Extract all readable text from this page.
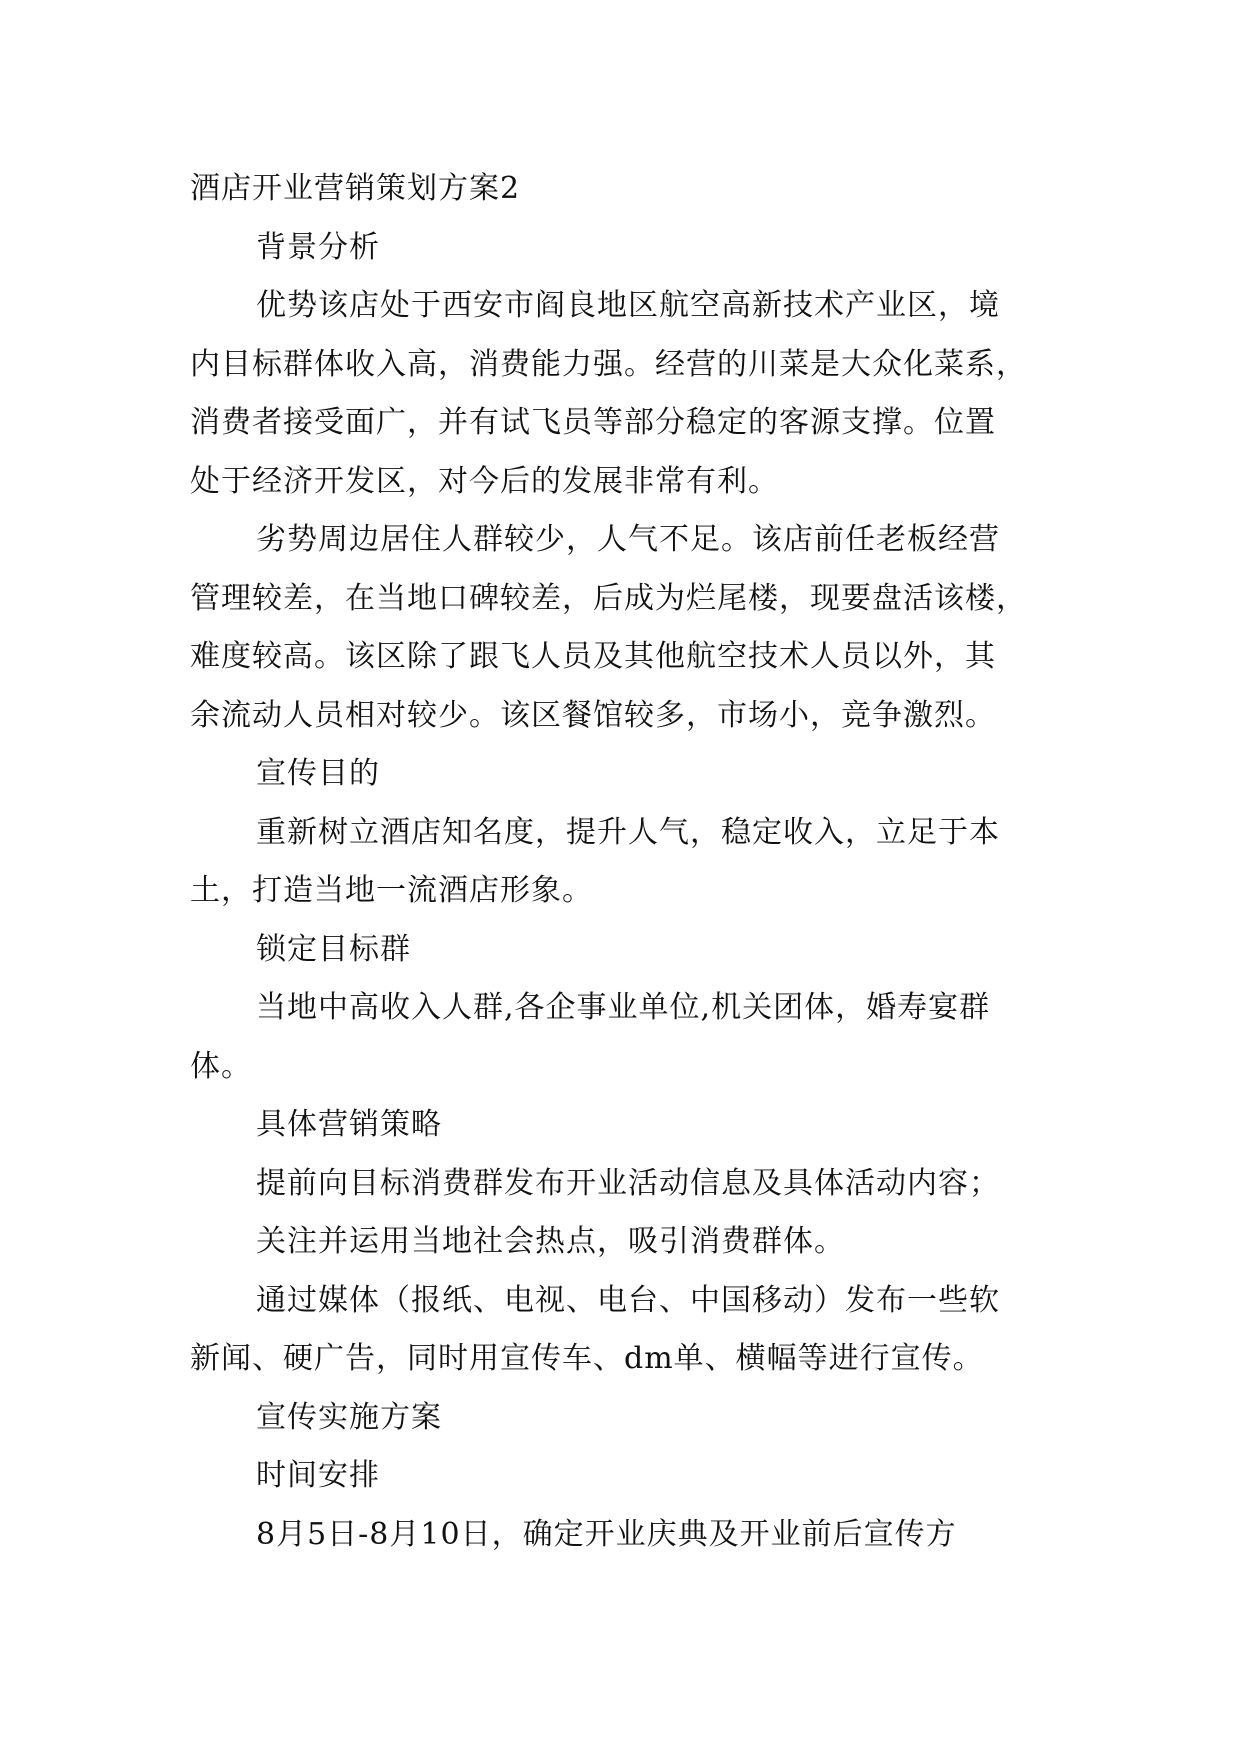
酒店开业营销策划方案2
背景分析
优势该店处于西安市阎良地区航空高新技术产业区，境
内目标群体收入高，消费能力强。经营的川菜是大众化菜系，
消费者接受面广，并有试飞员等部分稳定的客源支撑。位置
处于经济开发区，对今后的发展非常有利。
劣势周边居住人群较少，人气不足。该店前任老板经营
管理较差，在当地口碑较差，后成为烂尾楼，现要盘活该楼，
难度较高。该区除了跟飞人员及其他航空技术人员以外，其
余流动人员相对较少。该区餐馆较多，市场小，竞争激烈。
宣传目的
重新树立酒店知名度，提升人气，稳定收入，立足于本
土，打造当地一流酒店形象。
锁定目标群
当地中高收入人群,各企事业单位,机关团体，婚寿宴群
体。
具体营销策略
提前向目标消费群发布开业活动信息及具体活动内容；
关注并运用当地社会热点，吸引消费群体。
通过媒体（报纸、电视、电台、中国移动）发布一些软
新闻、硬广告，同时用宣传车、dm单、横幅等进行宣传。
宣传实施方案
时间安排
8月5日-8月10日，确定开业庆典及开业前后宣传方
